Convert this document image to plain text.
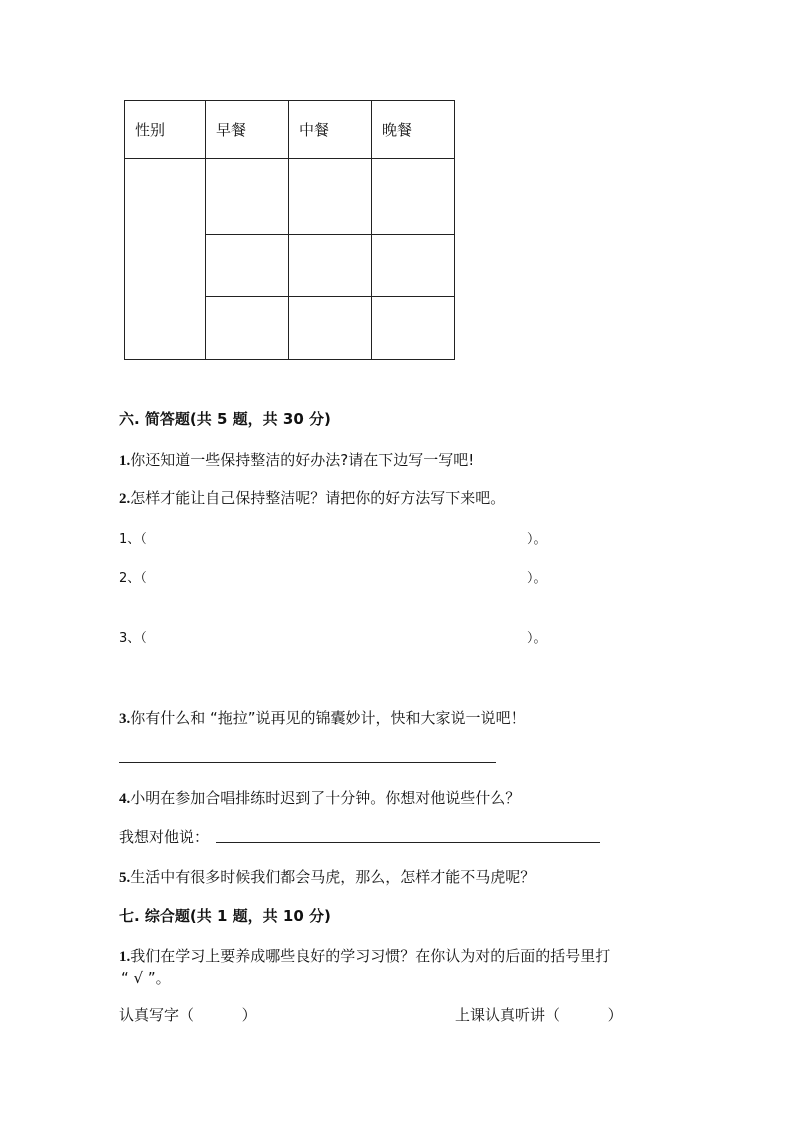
性别	早餐	中餐	晚餐

六. 简答题(共 5 题，共 30 分)
1.你还知道一些保持整洁的好办法?请在下边写一写吧!
2.怎样才能让自己保持整洁呢？请把你的好方法写下来吧。
1、（	）。
2、（	）。
3、（	）。
3.你有什么和 “拖拉”说再见的锦囊妙计，快和大家说一说吧！
4.小明在参加合唱排练时迟到了十分钟。你想对他说些什么？
我想对他说：
5.生活中有很多时候我们都会马虎，那么，怎样才能不马虎呢？
七. 综合题(共 1 题，共 10 分)
1.我们在学习上要养成哪些良好的学习习惯？在你认为对的后面的括号里打
“ √ ”。
认真写字（          ）	上课认真听讲（          ）
